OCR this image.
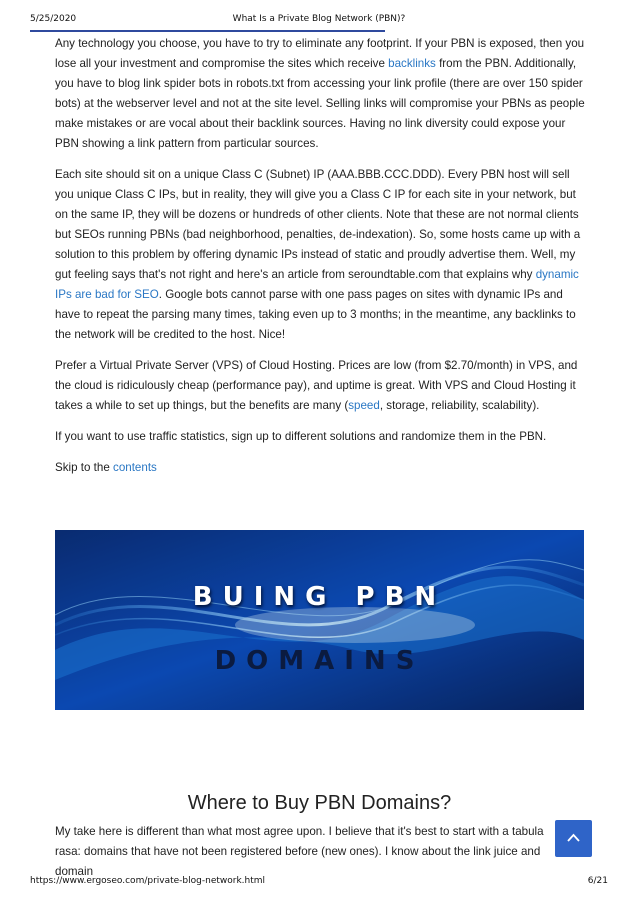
5/25/2020	What Is a Private Blog Network (PBN)?

Any technology you choose, you have to try to eliminate any footprint. If your PBN is exposed, then you lose all your investment and compromise the sites which receive backlinks from the PBN. Additionally, you have to blog link spider bots in robots.txt from accessing your link profile (there are over 150 spider bots) at the webserver level and not at the site level. Selling links will compromise your PBNs as people make mistakes or are vocal about their backlink sources. Having no link diversity could expose your PBN showing a link pattern from particular sources.

Each site should sit on a unique Class C (Subnet) IP (AAA.BBB.CCC.DDD). Every PBN host will sell you unique Class C IPs, but in reality, they will give you a Class C IP for each site in your network, but on the same IP, they will be dozens or hundreds of other clients. Note that these are not normal clients but SEOs running PBNs (bad neighborhood, penalties, de-indexation). So, some hosts came up with a solution to this problem by offering dynamic IPs instead of static and proudly advertise them. Well, my gut feeling says that's not right and here's an article from seroundtable.com that explains why dynamic IPs are bad for SEO. Google bots cannot parse with one pass pages on sites with dynamic IPs and have to repeat the parsing many times, taking even up to 3 months; in the meantime, any backlinks to the network will be credited to the host. Nice!

Prefer a Virtual Private Server (VPS) of Cloud Hosting. Prices are low (from $2.70/month) in VPS, and the cloud is ridiculously cheap (performance pay), and uptime is great. With VPS and Cloud Hosting it takes a while to set up things, but the benefits are many (speed, storage, reliability, scalability).

If you want to use traffic statistics, sign up to different solutions and randomize them in the PBN.

Skip to the contents

BUING PBN
DOMAINS
Where to Buy PBN Domains?

My take here is different than what most agree upon. I believe that it's best to start with a tabula rasa: domains that have not been registered before (new ones). I know about the link juice and domain

https://www.ergoseo.com/private-blog-network.html	6/21
